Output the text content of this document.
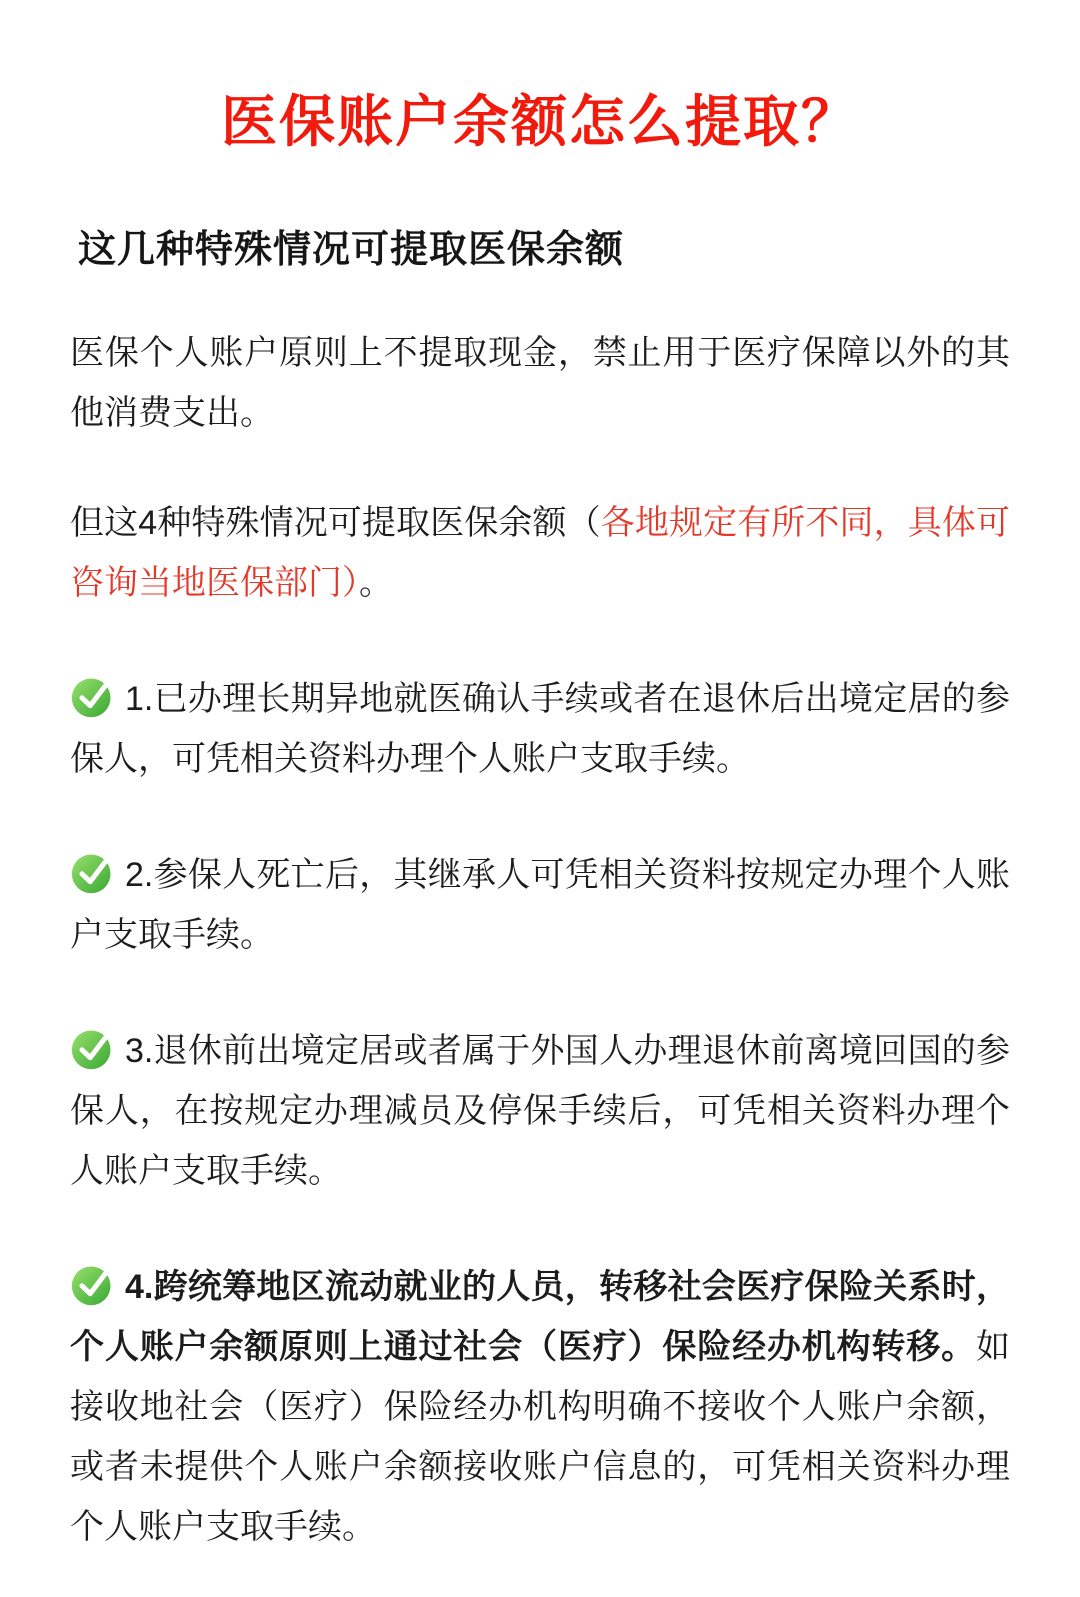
医保账户余额怎么提取？
这几种特殊情况可提取医保余额

医保个人账户原则上不提取现金，禁止用于医疗保障以外的其他消费支出。

但这4种特殊情况可提取医保余额（各地规定有所不同，具体可咨询当地医保部门）。

1.已办理长期异地就医确认手续或者在退休后出境定居的参保人，可凭相关资料办理个人账户支取手续。

2.参保人死亡后，其继承人可凭相关资料按规定办理个人账户支取手续。

3.退休前出境定居或者属于外国人办理退休前离境回国的参保人，在按规定办理减员及停保手续后，可凭相关资料办理个人账户支取手续。

4.跨统筹地区流动就业的人员，转移社会医疗保险关系时，个人账户余额原则上通过社会（医疗）保险经办机构转移。如接收地社会（医疗）保险经办机构明确不接收个人账户余额，或者未提供个人账户余额接收账户信息的，可凭相关资料办理个人账户支取手续。
